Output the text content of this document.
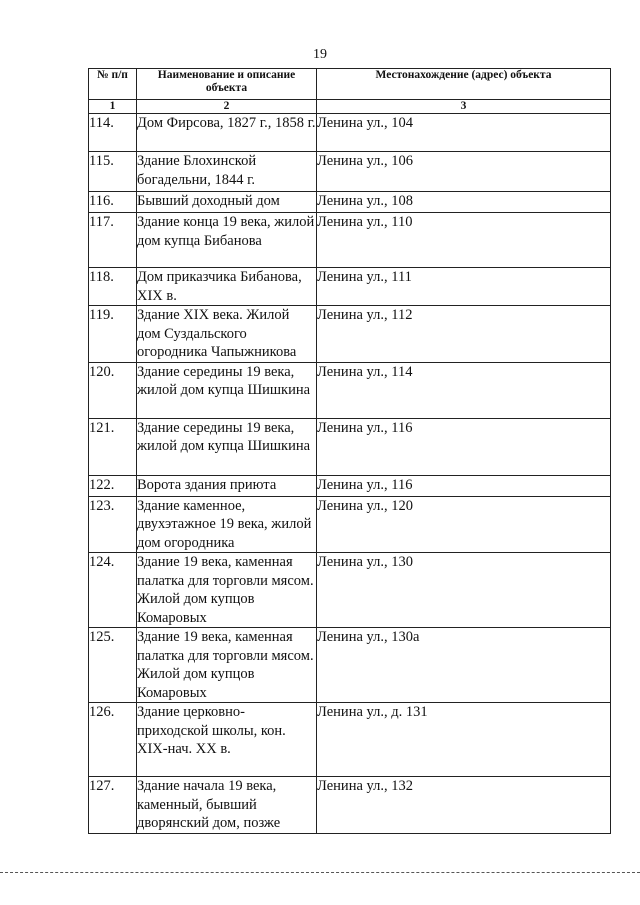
19
№ п/п	Наименование и описание объекта	Местонахождение (адрес) объекта
1	2	3
114.	Дом Фирсова, 1827 г., 1858 г.	Ленина ул., 104
115.	Здание Блохинской богадельни, 1844 г.	Ленина ул., 106
116.	Бывший доходный дом	Ленина ул., 108
117.	Здание конца 19 века, жилой дом купца Бибанова	Ленина ул., 110
118.	Дом приказчика Бибанова, XIX в.	Ленина ул., 111
119.	Здание XIX века. Жилой дом Суздальского огородника Чапыжникова	Ленина ул., 112
120.	Здание середины 19 века, жилой дом купца Шишкина	Ленина ул., 114
121.	Здание середины 19 века, жилой дом купца Шишкина	Ленина ул., 116
122.	Ворота здания приюта	Ленина ул., 116
123.	Здание каменное, двухэтажное 19 века, жилой дом огородника	Ленина ул., 120
124.	Здание 19 века, каменная палатка для торговли мясом. Жилой дом купцов Комаровых	Ленина ул., 130
125.	Здание 19 века, каменная палатка для торговли мясом. Жилой дом купцов Комаровых	Ленина ул., 130а
126.	Здание церковно-приходской школы, кон. XIX-нач. XX в.	Ленина ул., д. 131
127.	Здание начала 19 века, каменный, бывший дворянский дом, позже	Ленина ул., 132
